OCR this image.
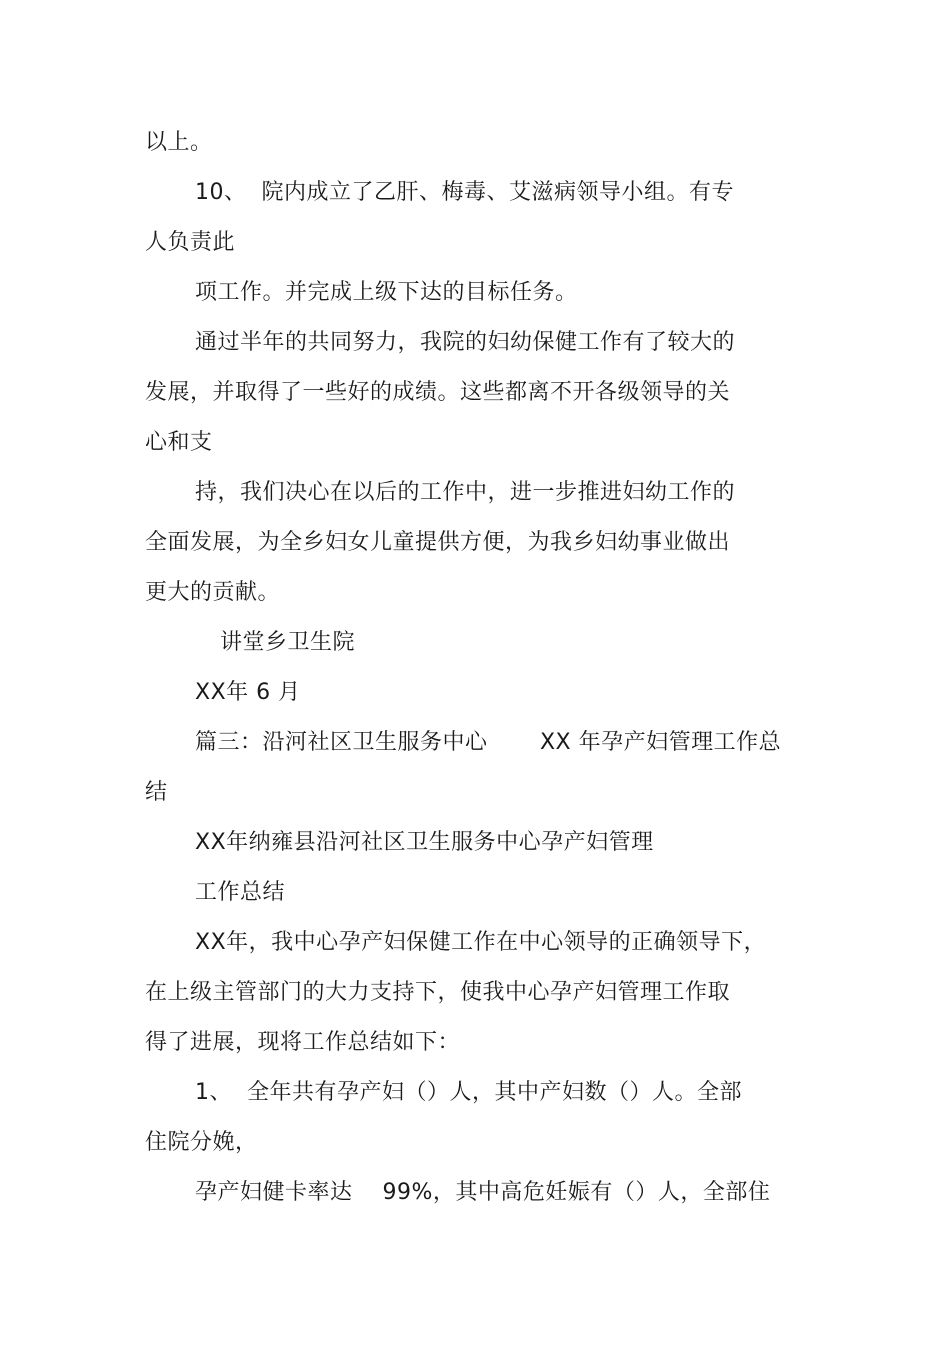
以上。
10、  院内成立了乙肝、梅毒、艾滋病领导小组。有专
人负责此
项工作。并完成上级下达的目标任务。
通过半年的共同努力，我院的妇幼保健工作有了较大的
发展，并取得了一些好的成绩。这些都离不开各级领导的关
心和支
持，我们决心在以后的工作中，进一步推进妇幼工作的
全面发展，为全乡妇女儿童提供方便，为我乡妇幼事业做出
更大的贡献。
讲堂乡卫生院
XX年 6 月
篇三：沿河社区卫生服务中心       XX 年孕产妇管理工作总
结
XX年纳雍县沿河社区卫生服务中心孕产妇管理
工作总结
XX年，我中心孕产妇保健工作在中心领导的正确领导下，
在上级主管部门的大力支持下，使我中心孕产妇管理工作取
得了进展，现将工作总结如下：
1、  全年共有孕产妇（）人，其中产妇数（）人。全部
住院分娩，
孕产妇健卡率达    99%，其中高危妊娠有（）人，全部住
